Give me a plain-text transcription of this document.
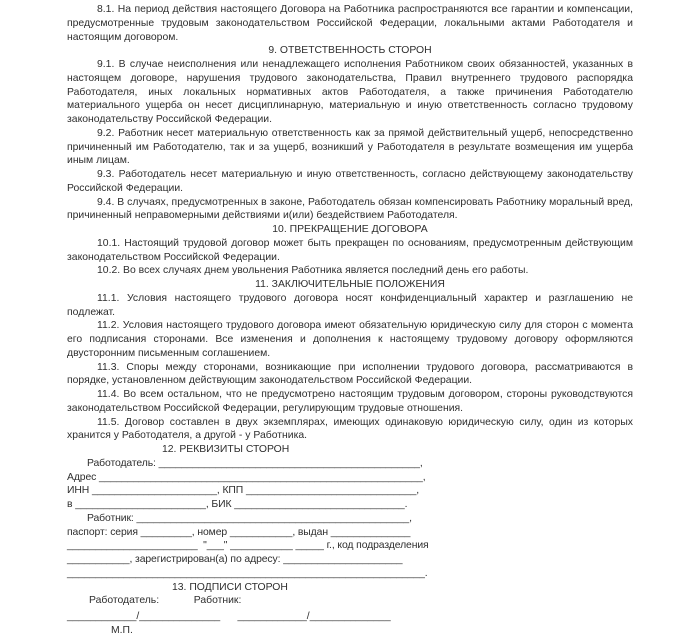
8.1. На период действия настоящего Договора на Работника распространяются все гарантии и компенсации, предусмотренные трудовым законодательством Российской Федерации, локальными актами Работодателя и настоящим договором.

9. ОТВЕТСТВЕННОСТЬ СТОРОН

9.1. В случае неисполнения или ненадлежащего исполнения Работником своих обязанностей, указанных в настоящем договоре, нарушения трудового законодательства, Правил внутреннего трудового распорядка Работодателя, иных локальных нормативных актов Работодателя, а также причинения Работодателю материального ущерба он несет дисциплинарную, материальную и иную ответственность согласно трудовому законодательству Российской Федерации.

9.2. Работник несет материальную ответственность как за прямой действительный ущерб, непосредственно причиненный им Работодателю, так и за ущерб, возникший у Работодателя в результате возмещения им ущерба иным лицам.

9.3. Работодатель несет материальную и иную ответственность, согласно действующему законодательству Российской Федерации.

9.4. В случаях, предусмотренных в законе, Работодатель обязан компенсировать Работнику моральный вред, причиненный неправомерными действиями и(или) бездействием Работодателя.

10. ПРЕКРАЩЕНИЕ ДОГОВОРА

10.1. Настоящий трудовой договор может быть прекращен по основаниям, предусмотренным действующим законодательством Российской Федерации.

10.2. Во всех случаях днем увольнения Работника является последний день его работы.

11. ЗАКЛЮЧИТЕЛЬНЫЕ ПОЛОЖЕНИЯ

11.1. Условия настоящего трудового договора носят конфиденциальный характер и разглашению не подлежат.

11.2. Условия настоящего трудового договора имеют обязательную юридическую силу для сторон с момента его подписания сторонами. Все изменения и дополнения к настоящему трудовому договору оформляются двусторонним письменным соглашением.

11.3. Споры между сторонами, возникающие при исполнении трудового договора, рассматриваются в порядке, установленном действующим законодательством Российской Федерации.

11.4. Во всем остальном, что не предусмотрено настоящим трудовым договором, стороны руководствуются законодательством Российской Федерации, регулирующим трудовые отношения.

11.5. Договор составлен в двух экземплярах, имеющих одинаковую юридическую силу, один из которых хранится у Работодателя, а другой - у Работника.

12. РЕКВИЗИТЫ СТОРОН
Работодатель: ______________________________________________,
Адрес _________________________________________________________,
ИНН ______________________, КПП ______________________________,
в _______________________, БИК ______________________________.
Работник: ________________________________________________,
паспорт: серия _________, номер ___________, выдан ______________
_______________________  "___" ___________ _____ г., код подразделения
___________, зарегистрирован(а) по адресу: _____________________
_______________________________________________________________.
13. ПОДПИСИ СТОРОН
Работодатель:            Работник:
____________/______________      ____________/______________
М.П.
